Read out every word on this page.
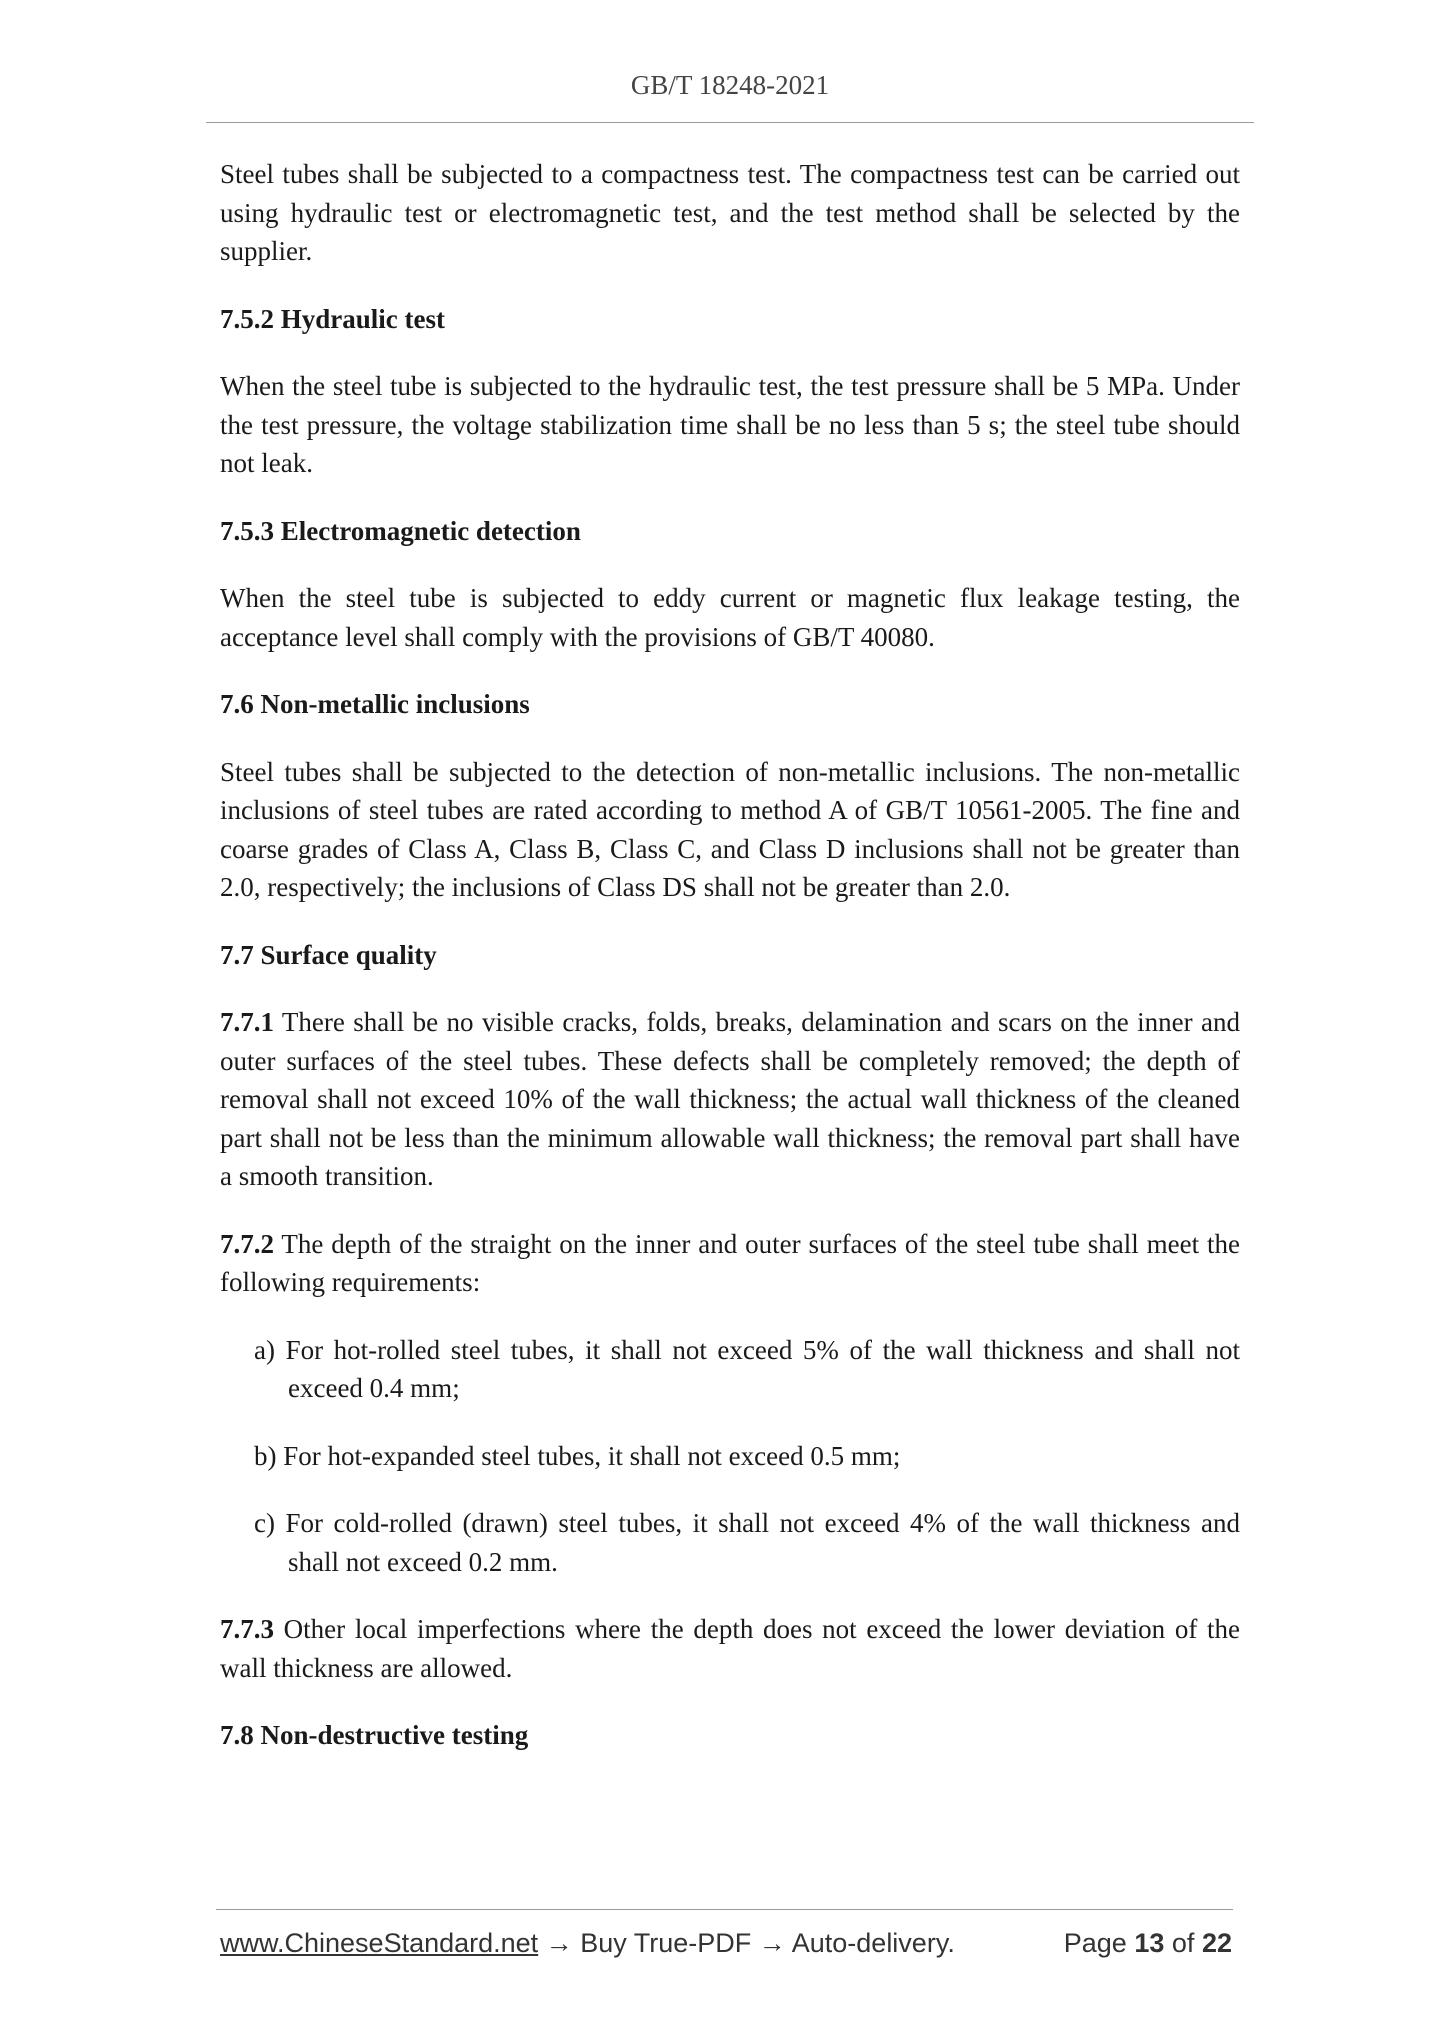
GB/T 18248-2021

Steel tubes shall be subjected to a compactness test. The compactness test can be carried out using hydraulic test or electromagnetic test, and the test method shall be selected by the supplier.

7.5.2 Hydraulic test

When the steel tube is subjected to the hydraulic test, the test pressure shall be 5 MPa. Under the test pressure, the voltage stabilization time shall be no less than 5 s; the steel tube should not leak.

7.5.3 Electromagnetic detection

When the steel tube is subjected to eddy current or magnetic flux leakage testing, the acceptance level shall comply with the provisions of GB/T 40080.

7.6 Non-metallic inclusions

Steel tubes shall be subjected to the detection of non-metallic inclusions. The non-metallic inclusions of steel tubes are rated according to method A of GB/T 10561-2005. The fine and coarse grades of Class A, Class B, Class C, and Class D inclusions shall not be greater than 2.0, respectively; the inclusions of Class DS shall not be greater than 2.0.

7.7 Surface quality

7.7.1 There shall be no visible cracks, folds, breaks, delamination and scars on the inner and outer surfaces of the steel tubes. These defects shall be completely removed; the depth of removal shall not exceed 10% of the wall thickness; the actual wall thickness of the cleaned part shall not be less than the minimum allowable wall thickness; the removal part shall have a smooth transition.

7.7.2 The depth of the straight on the inner and outer surfaces of the steel tube shall meet the following requirements:

a) For hot-rolled steel tubes, it shall not exceed 5% of the wall thickness and shall not exceed 0.4 mm;

b) For hot-expanded steel tubes, it shall not exceed 0.5 mm;

c) For cold-rolled (drawn) steel tubes, it shall not exceed 4% of the wall thickness and shall not exceed 0.2 mm.

7.7.3 Other local imperfections where the depth does not exceed the lower deviation of the wall thickness are allowed.

7.8 Non-destructive testing

www.ChineseStandard.net → Buy True-PDF → Auto-delivery.	Page 13 of 22
